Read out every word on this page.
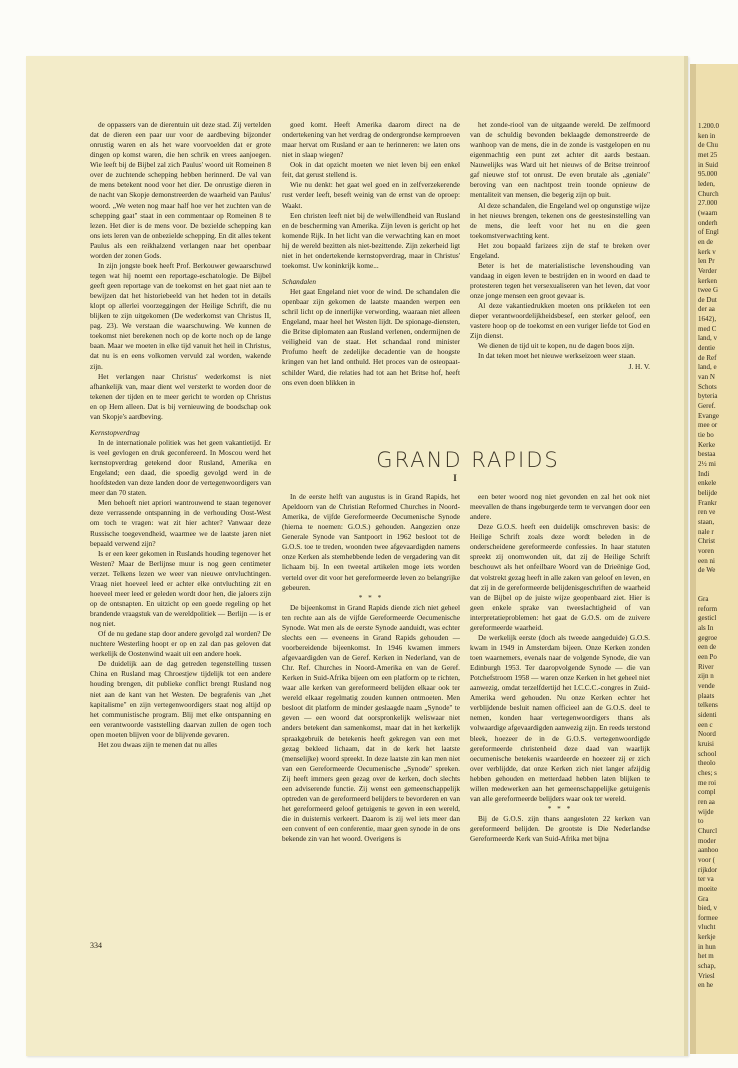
1.200.0
ken in
de Chu
met 25
in Suid
95.000
leden,
Church
27.000
(waarn
onderh
of Engl
en de
kerk v
len Pr
Verder
kerken
twee G
de Dut
der aa
1642),
med C
land, v
dentie
de Ref
land, e
van N
Schots
byteria
Geref.
Evange
mee or
tie bo
Kerke
bestaa
2½ mi
Indi
enkele
belijde
Frankr
ren ve
staan,
nale r
Christ
voren
een ni
de We
Grа
reform
gesticl
als In
gegroe
een de
een Po
River
zijn n
vende
plaats
telkens
sidenti
een c
Noord
kruisi
school
theolo
ches; s
me roi
compl
ren aa
wijde
to
Churcl
moder
aanhoo
voor (
rijkdor
ter va
moeite
Gra
bied, v
formee
vlucht
kerkje
in hun
het m
schap,
Vriesl
en he

de oppassers van de dierentuin uit deze stad. Zij vertelden dat de dieren een paar uur voor de aardbeving bijzonder onrustig waren en als het ware voorvoelden dat er grote dingen op komst waren, die hen schrik en vrees aanjoegen. Wie leeft bij de Bijbel zal zich Paulus' woord uit Romeinen 8 over de zuchtende schepping hebben herinnerd. De val van de mens betekent nood voor het dier. De onrustige dieren in de nacht van Skopje demonstreerden de waarheid van Paulus' woord. „We weten nog maar half hoe ver het zuchten van de schepping gaat" staat in een commentaar op Romeinen 8 te lezen. Het dier is de mens voor. De bezielde schepping kan ons iets leren van de onbezielde schepping. En dit alles tekent Paulus als een reikhalzend verlangen naar het openbaar worden der zonen Gods.

In zijn jongste boek heeft Prof. Berkouwer gewaarschuwd tegen wat hij noemt een reportage-eschatologie. De Bijbel geeft geen reportage van de toekomst en het gaat niet aan te bewijzen dat het historiebeeld van het heden tot in details klopt op allerlei voorzeggingen der Heilige Schrift, die nu blijken te zijn uitgekomen (De wederkomst van Christus II, pag. 23). We verstaan die waarschuwing. We kunnen de toekomst niet berekenen noch op de korte noch op de lange baan. Maar we moeten in elke tijd vanuit het heil in Christus, dat nu is en eens volkomen vervuld zal worden, wakende zijn.

Het verlangen naar Christus' wederkomst is niet afhankelijk van, maar dient wel versterkt te worden door de tekenen der tijden en te meer gericht te worden op Christus en op Hem alleen. Dat is bij vernieuwing de boodschap ook van Skopje's aardbeving.

Kernstopverdrag

In de internationale politiek was het geen vakantietijd. Er is veel gevlogen en druk geconfereerd. In Moscou werd het kernstopverdrag getekend door Rusland, Amerika en Engeland; een daad, die spoedig gevolgd werd in de hoofdsteden van deze landen door de vertegenwoordigers van meer dan 70 staten.

Men behoeft niet apriori wantrouwend te staan tegenover deze verrassende ontspanning in de verhouding Oost-West om toch te vragen: wat zit hier achter? Vanwaar deze Russische toegevendheid, waarmee we de laatste jaren niet bepaald verwend zijn?

Is er een keer gekomen in Ruslands houding tegenover het Westen? Maar de Berlijnse muur is nog geen centimeter verzet. Telkens lezen we weer van nieuwe ontvluchtingen. Vraag niet hoeveel leed er achter elke ontvluchting zit en hoeveel meer leed er geleden wordt door hen, die jaloers zijn op de ontsnapten. En uitzicht op een goede regeling op het brandende vraagstuk van de wereldpolitiek — Berlijn — is er nog niet.

Of de nu gedane stap door andere gevolgd zal worden? De nuchtere Westerling hoopt er op en zal dan pas geloven dat werkelijk de Oostenwind waait uit een andere hoek.

De duidelijk aan de dag getreden tegenstelling tussen China en Rusland mag Chroestjew tijdelijk tot een andere houding brengen, dit publieke conflict brengt Rusland nog niet aan de kant van het Westen. De begrafenis van „het kapitalisme" en zijn vertegenwoordigers staat nog altijd op het communistische program. Blij met elke ontspanning en een verantwoorde vaststelling daarvan zullen de ogen toch open moeten blijven voor de blijvende gevaren.

Het zou dwaas zijn te menen dat nu alles

goed komt. Heeft Amerika daarom direct na de ondertekening van het verdrag de ondergrondse kernproeven maar hervat om Rusland er aan te herinneren: we laten ons niet in slaap wiegen?

Ook in dat opzicht moeten we niet leven bij een enkel feit, dat gerust stellend is.

Wie nu denkt: het gaat wel goed en in zelfverzekerende rust verder leeft, beseft weinig van de ernst van de oproep: Waakt.

Een christen leeft niet bij de welwillendheid van Rusland en de bescherming van Amerika. Zijn leven is gericht op het komende Rijk. In het licht van die verwachting kan en moet hij de wereld bezitten als niet-bezittende. Zijn zekerheid ligt niet in het ondertekende kernstopverdrag, maar in Christus' toekomst. Uw koninkrijk kome...

Schandalen

Het gaat Engeland niet voor de wind. De schandalen die openbaar zijn gekomen de laatste maanden werpen een schril licht op de innerlijke verwording, waaraan niet alleen Engeland, maar heel het Westen lijdt. De spionage-diensten, die Britse diplomaten aan Rusland verlenen, ondermijnen de veiligheid van de staat. Het schandaal rond minister Profumo heeft de zedelijke decadentie van de hoogste kringen van het land onthuld. Het proces van de osteopaat-schilder Ward, die relaties had tot aan het Britse hof, heeft ons even doen blikken in

het zonde-riool van de uitgaande wereld. De zelfmoord van de schuldig bevonden beklaagde demonstreerde de wanhoop van de mens, die in de zonde is vastgelopen en nu eigenmachtig een punt zet achter dit aards bestaan. Nauwelijks was Ward uit het nieuws of de Britse treinroof gaf nieuwe stof tot onrust. De even brutale als „geniale" beroving van een nachtpost trein toonde opnieuw de mentaliteit van mensen, die begerig zijn op buit.

Al deze schandalen, die Engeland wel op ongunstige wijze in het nieuws brengen, tekenen ons de geestesinstelling van de mens, die leeft voor het nu en die geen toekomstverwachting kent.

Het zou bopaald farizees zijn de staf te breken over Engeland.

Beter is het de materialistische levenshouding van vandaag in eigen leven te bestrijden en in woord en daad te protesteren tegen het versexualiseren van het leven, dat voor onze jonge mensen een groot gevaar is.

Al deze vakantiedrukken moeten ons prikkelen tot een dieper verantwoordelijkheidsbesef, een sterker geloof, een vastere hoop op de toekomst en een vuriger liefde tot God en Zijn dienst.

We dienen de tijd uit te kopen, nu de dagen boos zijn.

In dat teken moet het nieuwe werkseizoen weer staan.

J. H. V.

GRAND RAPIDS
I

In de eerste helft van augustus is in Grand Rapids, het Apeldoorn van de Christian Reformed Churches in Noord-Amerika, de vijfde Gereformeerde Oecumenische Synode (hierna te noemen: G.O.S.) gehouden. Aangezien onze Generale Synode van Santpoort in 1962 besloot tot de G.O.S. toe te treden, woonden twee afgevaardigden namens onze Kerken als stemhebbende leden de vergadering van dit lichaam bij. In een tweetal artikelen moge iets worden verteld over dit voor het gereformeerde leven zo belangrijke gebeuren.

* * *

De bijeenkomst in Grand Rapids diende zich niet geheel ten rechte aan als de vijfde Gereformeerde Oecumenische Synode. Wat men als de eerste Synode aanduidt, was echter slechts een — eveneens in Grand Rapids gehouden — voorbereidende bijeenkomst. In 1946 kwamen immers afgevaardigden van de Geref. Kerken in Nederland, van de Chr. Ref. Churches in Noord-Amerika en van de Geref. Kerken in Suid-Afrika bijeen om een platform op te richten, waar alle kerken van gereformeerd belijden elkaar ook ter wereld elkaar regelmatig zouden kunnen ontmoeten. Men besloot dit platform de minder geslaagde naam „Synode" te geven — een woord dat oorspronkelijk weliswaar niet anders betekent dan samenkomst, maar dat in het kerkelijk spraakgebruik de betekenis heeft gekregen van een met gezag bekleed lichaam, dat in de kerk het laatste (menselijke) woord spreekt. In deze laatste zin kan men niet van een Gereformeerde Oecumenische „Synode" spreken. Zij heeft immers geen gezag over de kerken, doch slechts een adviserende functie. Zij wenst een gemeenschappelijk optreden van de gereformeerd belijders te bevorderen en van het gereformeerd geloof getuigenis te geven in een wereld, die in duisternis verkeert. Daarom is zij wel iets meer dan een convent of een conferentie, maar geen synode in de ons bekende zin van het woord. Overigens is

een beter woord nog niet gevonden en zal het ook niet meevallen de thans ingeburgerde term te vervangen door een andere.

Deze G.O.S. heeft een duidelijk omschreven basis: de Heilige Schrift zoals deze wordt beleden in de onderscheidene gereformeerde confessies. In haar statuten spreekt zij onomwonden uit, dat zij de Heilige Schrift beschouwt als het onfeilbare Woord van de Drieënige God, dat volstrekt gezag heeft in alle zaken van geloof en leven, en dat zij in de gereformeerde belijdenisgeschriften de waarheid van de Bijbel op de juiste wijze geopenbaard ziet. Hier is geen enkele sprake van tweeslachtigheid of van interpretatieproblemen: het gaat de G.O.S. om de zuivere gereformeerde waarheid.

De werkelijk eerste (doch als tweede aangeduide) G.O.S. kwam in 1949 in Amsterdam bijeen. Onze Kerken zonden toen waarnemers, evenals naar de volgende Synode, die van Edinburgh 1953. Ter daaropvolgende Synode — die van Potchefstroom 1958 — waren onze Kerken in het geheel niet aanwezig, omdat terzelfdertijd het I.C.C.C.-congres in Zuid-Amerika werd gehouden. Nu onze Kerken echter het verblijdende besluit namen officieel aan de G.O.S. deel te nemen, konden haar vertegenwoordigers thans als volwaardige afgevaardigden aanwezig zijn. En reeds terstond bleek, hoezeer de in de G.O.S. vertegenwoordigde gereformeerde christenheid deze daad van waarlijk oecumenische betekenis waardeerde en hoezeer zij er zich over verblijdde, dat onze Kerken zich niet langer afzijdig hebben gehouden en metterdaad hebben laten blijken te willen medewerken aan het gemeenschappelijke getuigenis van alle gereformeerde belijders waar ook ter wereld.

* * *

Bij de G.O.S. zijn thans aangesloten 22 kerken van gereformeerd belijden. De grootste is Die Nederlandse Gereformeerde Kerk van Suid-Afrika met bijna

334
